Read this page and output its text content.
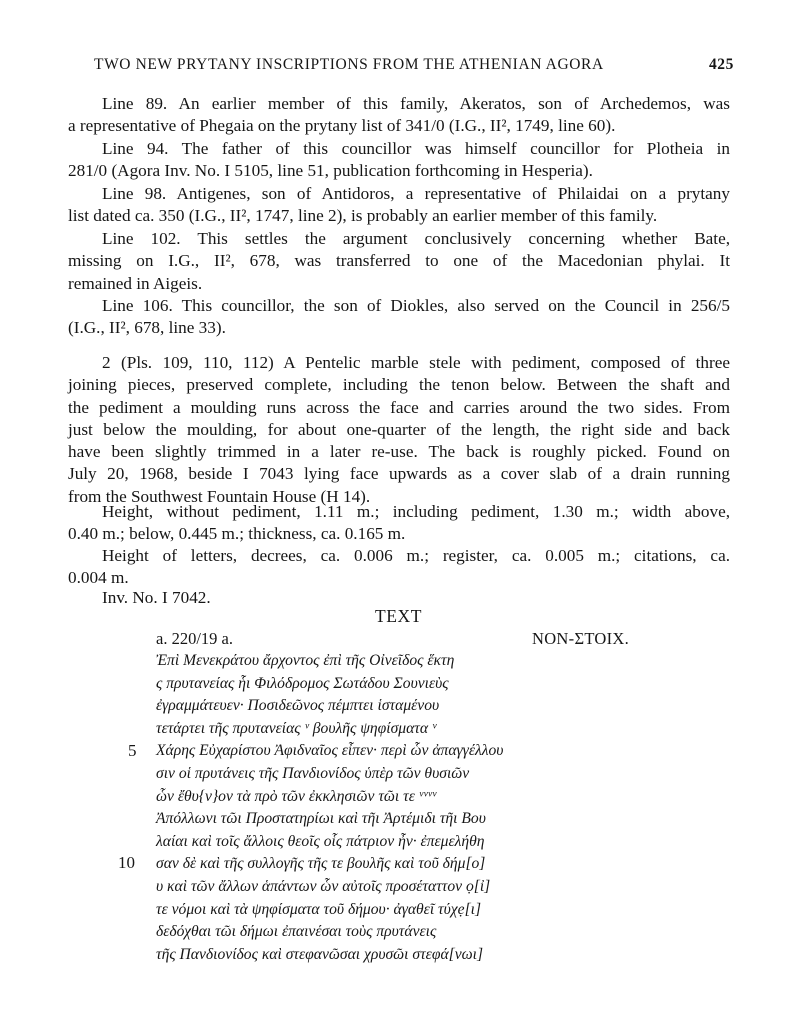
TWO NEW PRYTANY INSCRIPTIONS FROM THE ATHENIAN AGORA	425
Line 89. An earlier member of this family, Akeratos, son of Archedemos, was
a representative of Phegaia on the prytany list of 341/0 (I.G., II², 1749, line 60).
Line 94. The father of this councillor was himself councillor for Plotheia in
281/0 (Agora Inv. No. I 5105, line 51, publication forthcoming in Hesperia).
Line 98. Antigenes, son of Antidoros, a representative of Philaidai on a prytany
list dated ca. 350 (I.G., II², 1747, line 2), is probably an earlier member of this family.
Line 102. This settles the argument conclusively concerning whether Bate,
missing on I.G., II², 678, was transferred to one of the Macedonian phylai. It
remained in Aigeis.
Line 106. This councillor, the son of Diokles, also served on the Council in 256/5
(I.G., II², 678, line 33).
2 (Pls. 109, 110, 112) A Pentelic marble stele with pediment, composed of three
joining pieces, preserved complete, including the tenon below. Between the shaft and
the pediment a moulding runs across the face and carries around the two sides. From
just below the moulding, for about one-quarter of the length, the right side and back
have been slightly trimmed in a later re-use. The back is roughly picked. Found on
July 20, 1968, beside I 7043 lying face upwards as a cover slab of a drain running
from the Southwest Fountain House (H 14).
Height, without pediment, 1.11 m.; including pediment, 1.30 m.; width above,
0.40 m.; below, 0.445 m.; thickness, ca. 0.165 m.
Height of letters, decrees, ca. 0.006 m.; register, ca. 0.005 m.; citations, ca.
0.004 m.
Inv. No. I 7042.
TEXT
a. 220/19 a.	NON-ΣΤΟΙΧ.
5
10
Ἐπὶ Μενεκράτου ἄρχοντος ἐπὶ τῆς Οἰνεῖδος ἕκτη
ς πρυτανείας ἧι Φιλόδρομος Σωτάδου Σουνιεὺς
ἐγραμμάτευεν· Ποσιδεῶνος πέμπτει ἱσταμένου
τετάρτει τῆς πρυτανείας ᵛ βουλῆς ψηφίσματα ᵛ
Χάρης Εὐχαρίστου Ἀφιδναῖος εἶπεν· περὶ ὧν ἀπαγγέλλου
σιν οἱ πρυτάνεις τῆς Πανδιονίδος ὑπὲρ τῶν θυσιῶν
ὧν ἔθυ{ν}ον τὰ πρὸ τῶν ἐκκλησιῶν τῶι τε ᵛᵛᵛᵛ
Ἀπόλλωνι τῶι Προστατηρίωι καὶ τῆι Ἀρτέμιδι τῆι Βου
λαίαι καὶ τοῖς ἄλλοις θεοῖς οἷς πάτριον ἦν· ἐπεμελήθη
σαν δὲ καὶ τῆς συλλογῆς τῆς τε βουλῆς καὶ τοῦ δήμ[ο]
υ καὶ τῶν ἄλλων ἁπάντων ὧν αὐτοῖς προσέταττον ọ[ἰ]
τε νόμοι καὶ τὰ ψηφίσματα τοῦ δήμου· ἀγαθεῖ τύχẹ[ι]
δεδόχθαι τῶι δήμωι ἐπαινέσαι τοὺς πρυτάνεις
τῆς Πανδιονίδος καὶ στεφανῶσαι χρυσῶι στεφά[νωι]
